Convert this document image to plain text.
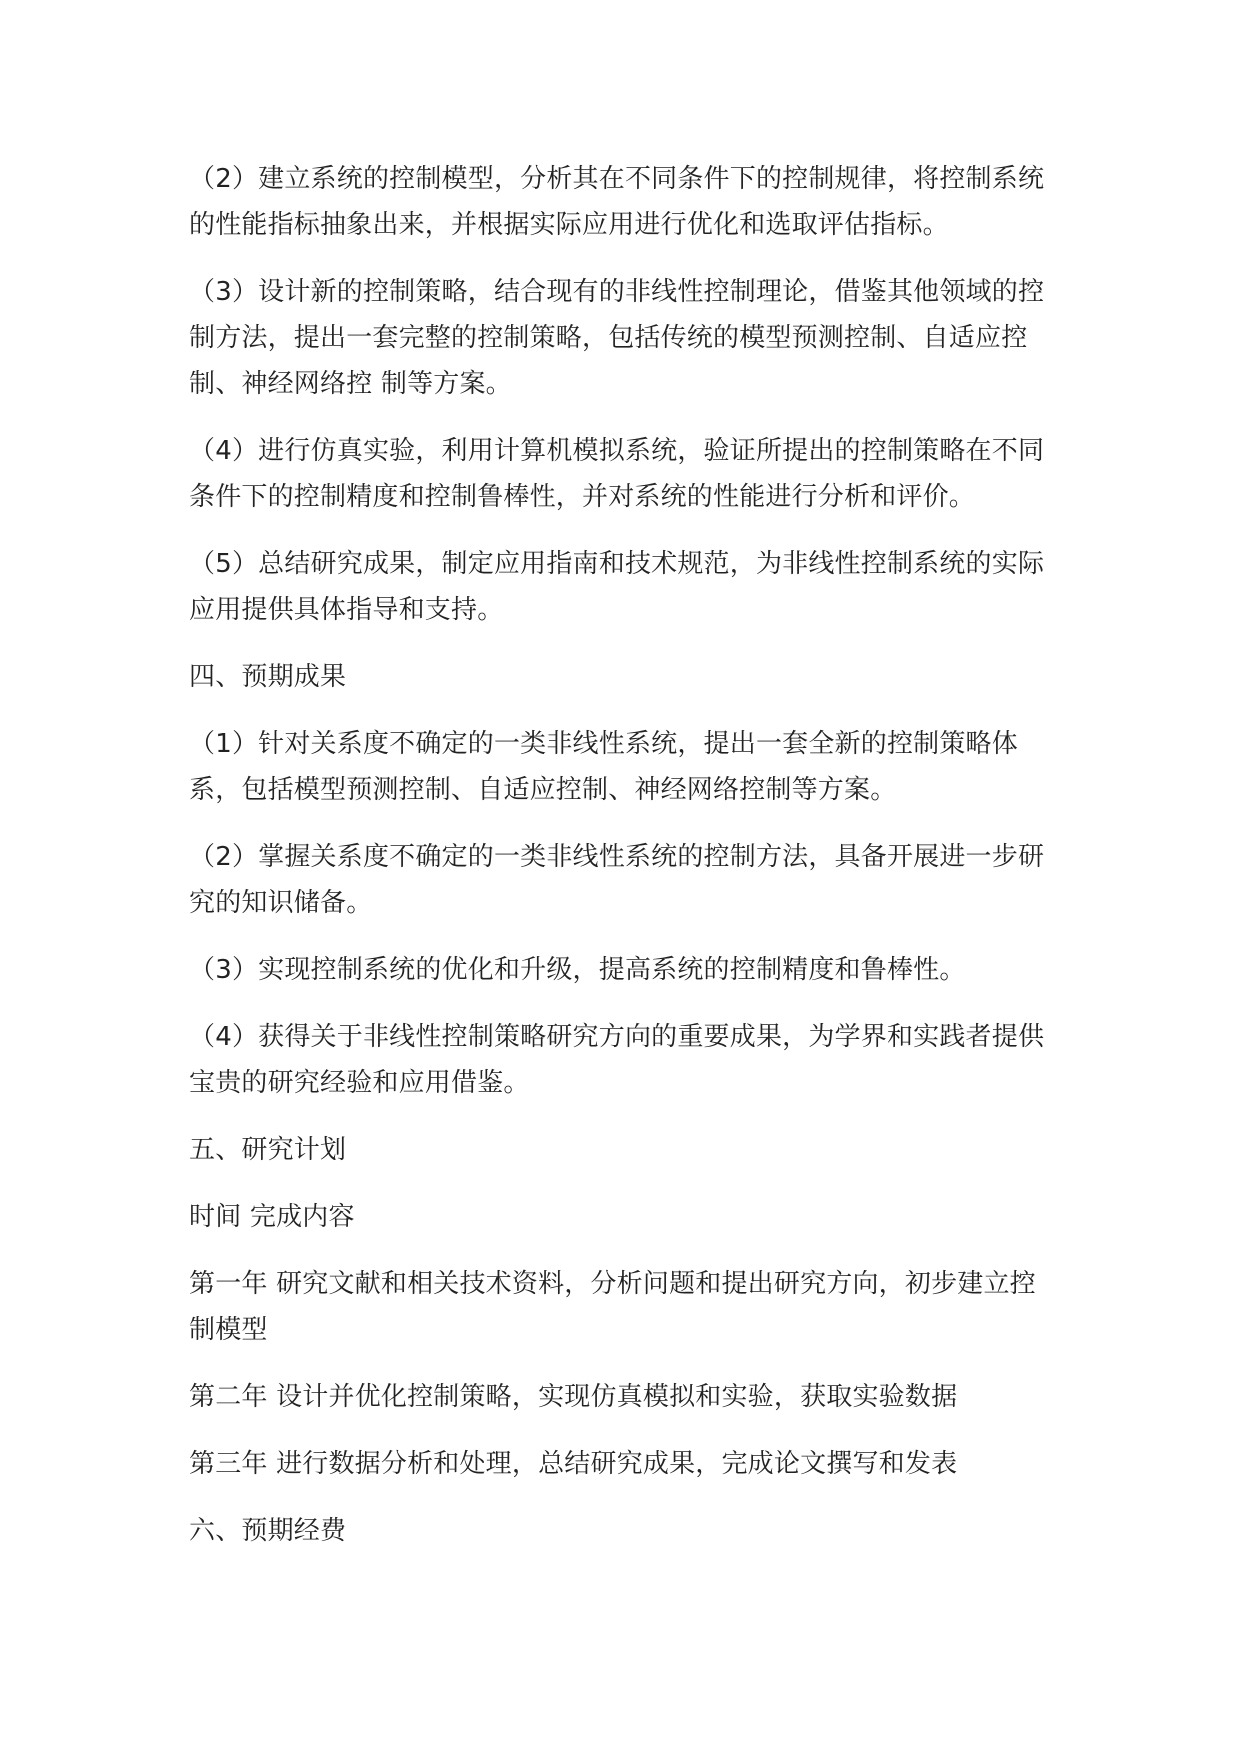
（2）建立系统的控制模型，分析其在不同条件下的控制规律，将控制系统的性能指标抽象出来，并根据实际应用进行优化和选取评估指标。

（3）设计新的控制策略，结合现有的非线性控制理论，借鉴其他领域的控制方法，提出一套完整的控制策略，包括传统的模型预测控制、自适应控制、神经网络控 制等方案。

（4）进行仿真实验，利用计算机模拟系统，验证所提出的控制策略在不同条件下的控制精度和控制鲁棒性，并对系统的性能进行分析和评价。

（5）总结研究成果，制定应用指南和技术规范，为非线性控制系统的实际应用提供具体指导和支持。

四、预期成果

（1）针对关系度不确定的一类非线性系统，提出一套全新的控制策略体系，包括模型预测控制、自适应控制、神经网络控制等方案。

（2）掌握关系度不确定的一类非线性系统的控制方法，具备开展进一步研究的知识储备。

（3）实现控制系统的优化和升级，提高系统的控制精度和鲁棒性。

（4）获得关于非线性控制策略研究方向的重要成果，为学界和实践者提供宝贵的研究经验和应用借鉴。

五、研究计划

时间 完成内容

第一年 研究文献和相关技术资料，分析问题和提出研究方向，初步建立控制模型

第二年 设计并优化控制策略，实现仿真模拟和实验，获取实验数据

第三年 进行数据分析和处理，总结研究成果，完成论文撰写和发表

六、预期经费
